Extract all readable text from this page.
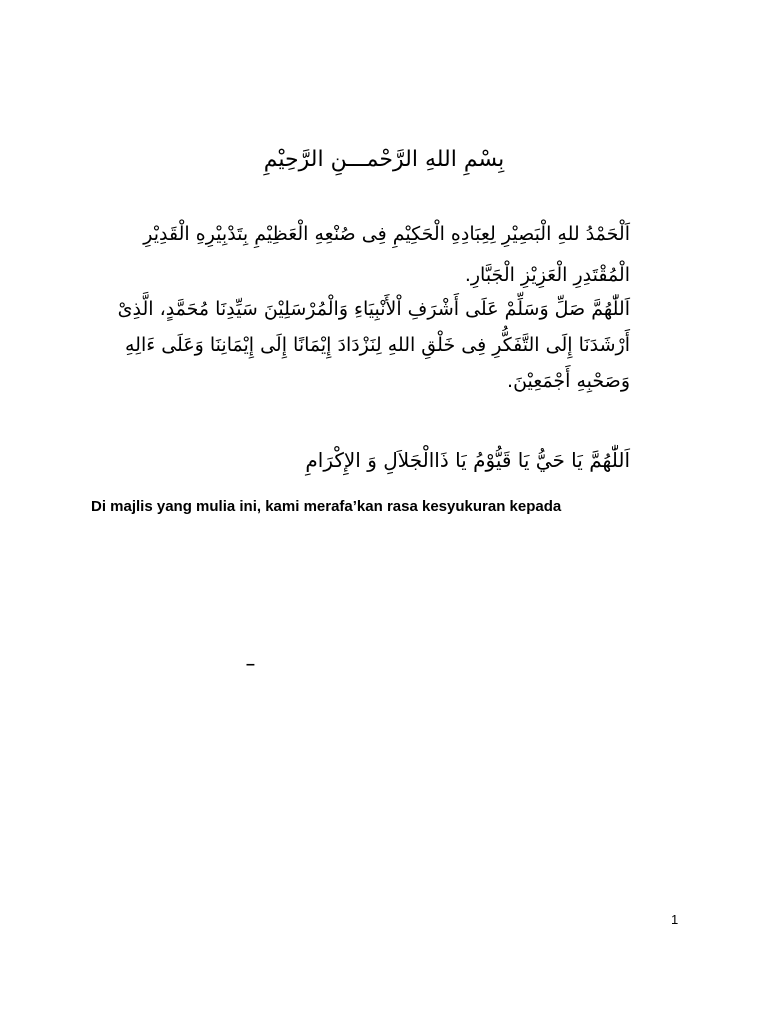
بِسْمِ اللهِ الرَّحْمـــنِ الرَّحِيْمِ
اَلْحَمْدُ للهِ الْبَصِيْرِ لِعِبَادِهِ الْحَكِيْمِ فِى صُنْعِهِ الْعَظِيْمِ بِتَدْبِيْرِهِ الْقَدِيْرِ
الْمُقْتَدِرِ الْعَزِيْزِ الْجَبَّارِ.
اَللّٰهُمَّ صَلِّ وَسَلِّمْ عَلَى أَشْرَفِ اْلأَنْبِيَاءِ وَالْمُرْسَلِيْنَ سَيِّدِنَا مُحَمَّدٍ، الَّذِىْ
أَرْشَدَنَا إِلَى التَّفَكُّرِ فِى خَلْقِ اللهِ لِنَزْدَادَ إِيْمَانًا إِلَى إِيْمَانِنَا وَعَلَى ءَالِهِ
وَصَحْبِهِ أَجْمَعِيْنَ.
اَللّٰهُمَّ يَا حَيُّ يَا قَيُّوْمُ يَا ذَاالْجَلاَلِ وَ الإِكْرَامِ
Di majlis yang mulia ini, kami merafa’kan rasa kesyukuran kepada
–
1
